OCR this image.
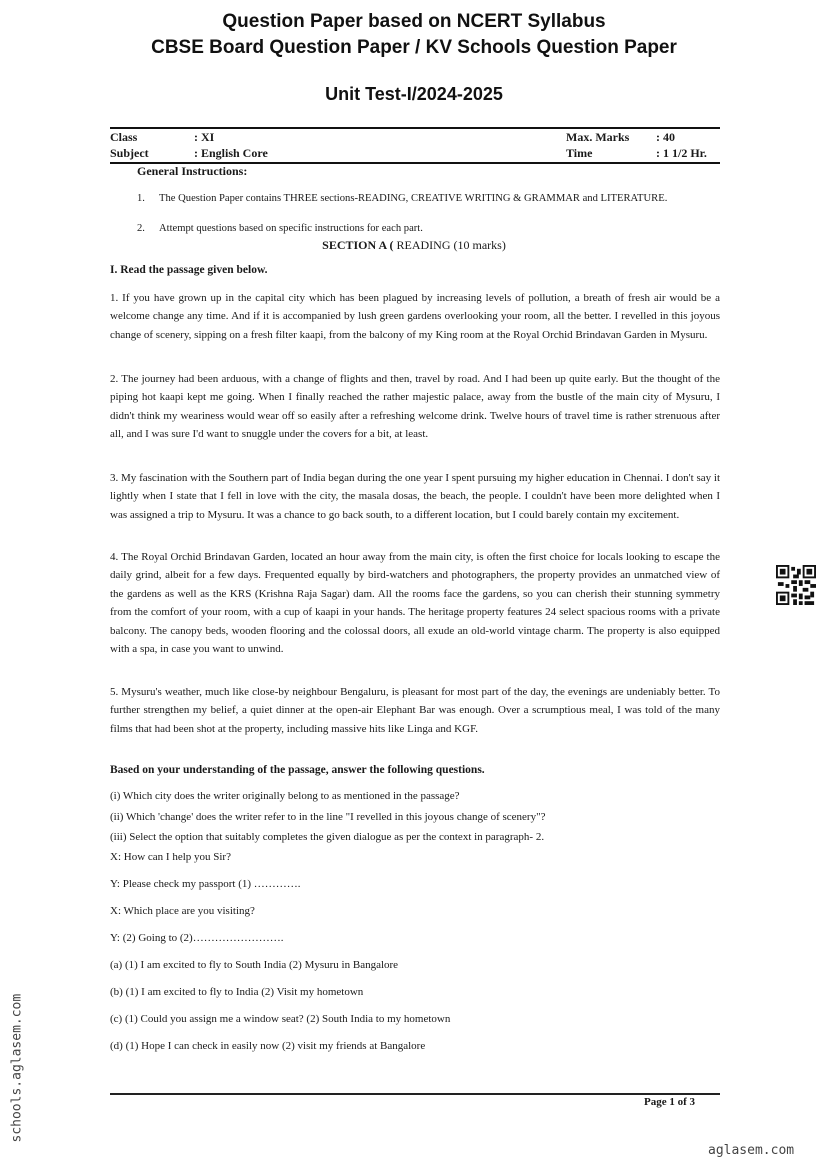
Question Paper based on NCERT Syllabus
CBSE Board Question Paper / KV Schools Question Paper
Unit Test-I/2024-2025
Class	: XI	Max. Marks : 40
Subject	: English Core	Time	: 1 1/2 Hr.
General Instructions:
1. The Question Paper contains THREE sections-READING, CREATIVE WRITING & GRAMMAR and LITERATURE.
2. Attempt questions based on specific instructions for each part.
SECTION A ( READING (10 marks)
I. Read the passage given below.

1. If you have grown up in the capital city which has been plagued by increasing levels of pollution, a breath of fresh air would be a welcome change any time. And if it is accompanied by lush green gardens overlooking your room, all the better. I revelled in this joyous change of scenery, sipping on a fresh filter kaapi, from the balcony of my King room at the Royal Orchid Brindavan Garden in Mysuru.

2. The journey had been arduous, with a change of flights and then, travel by road. And I had been up quite early. But the thought of the piping hot kaapi kept me going. When I finally reached the rather majestic palace, away from the bustle of the main city of Mysuru, I didn't think my weariness would wear off so easily after a refreshing welcome drink. Twelve hours of travel time is rather strenuous after all, and I was sure I'd want to snuggle under the covers for a bit, at least.

3. My fascination with the Southern part of India began during the one year I spent pursuing my higher education in Chennai. I don't say it lightly when I state that I fell in love with the city, the masala dosas, the beach, the people. I couldn't have been more delighted when I was assigned a trip to Mysuru. It was a chance to go back south, to a different location, but I could barely contain my excitement.

4. The Royal Orchid Brindavan Garden, located an hour away from the main city, is often the first choice for locals looking to escape the daily grind, albeit for a few days. Frequented equally by bird-watchers and photographers, the property provides an unmatched view of the gardens as well as the KRS (Krishna Raja Sagar) dam. All the rooms face the gardens, so you can cherish their stunning symmetry from the comfort of your room, with a cup of kaapi in your hands. The heritage property features 24 select spacious rooms with a private balcony. The canopy beds, wooden flooring and the colossal doors, all exude an old-world vintage charm. The property is also equipped with a spa, in case you want to unwind.

5. Mysuru's weather, much like close-by neighbour Bengaluru, is pleasant for most part of the day, the evenings are undeniably better. To further strengthen my belief, a quiet dinner at the open-air Elephant Bar was enough. Over a scrumptious meal, I was told of the many films that had been shot at the property, including massive hits like Linga and KGF.

Based on your understanding of the passage, answer the following questions.
(i) Which city does the writer originally belong to as mentioned in the passage?
(ii) Which 'change' does the writer refer to in the line "I revelled in this joyous change of scenery"?
(iii) Select the option that suitably completes the given dialogue as per the context in paragraph- 2.
X: How can I help you Sir?
Y: Please check my passport (1) ………….
X: Which place are you visiting?
Y: (2) Going to (2)…………………….
(a) (1) I am excited to fly to South India (2) Mysuru in Bangalore
(b) (1) I am excited to fly to India (2) Visit my hometown
(c) (1) Could you assign me a window seat? (2) South India to my hometown
(d) (1) Hope I can check in easily now (2) visit my friends at Bangalore
Page 1 of 3
schools.aglasem.com
aglasem.com
